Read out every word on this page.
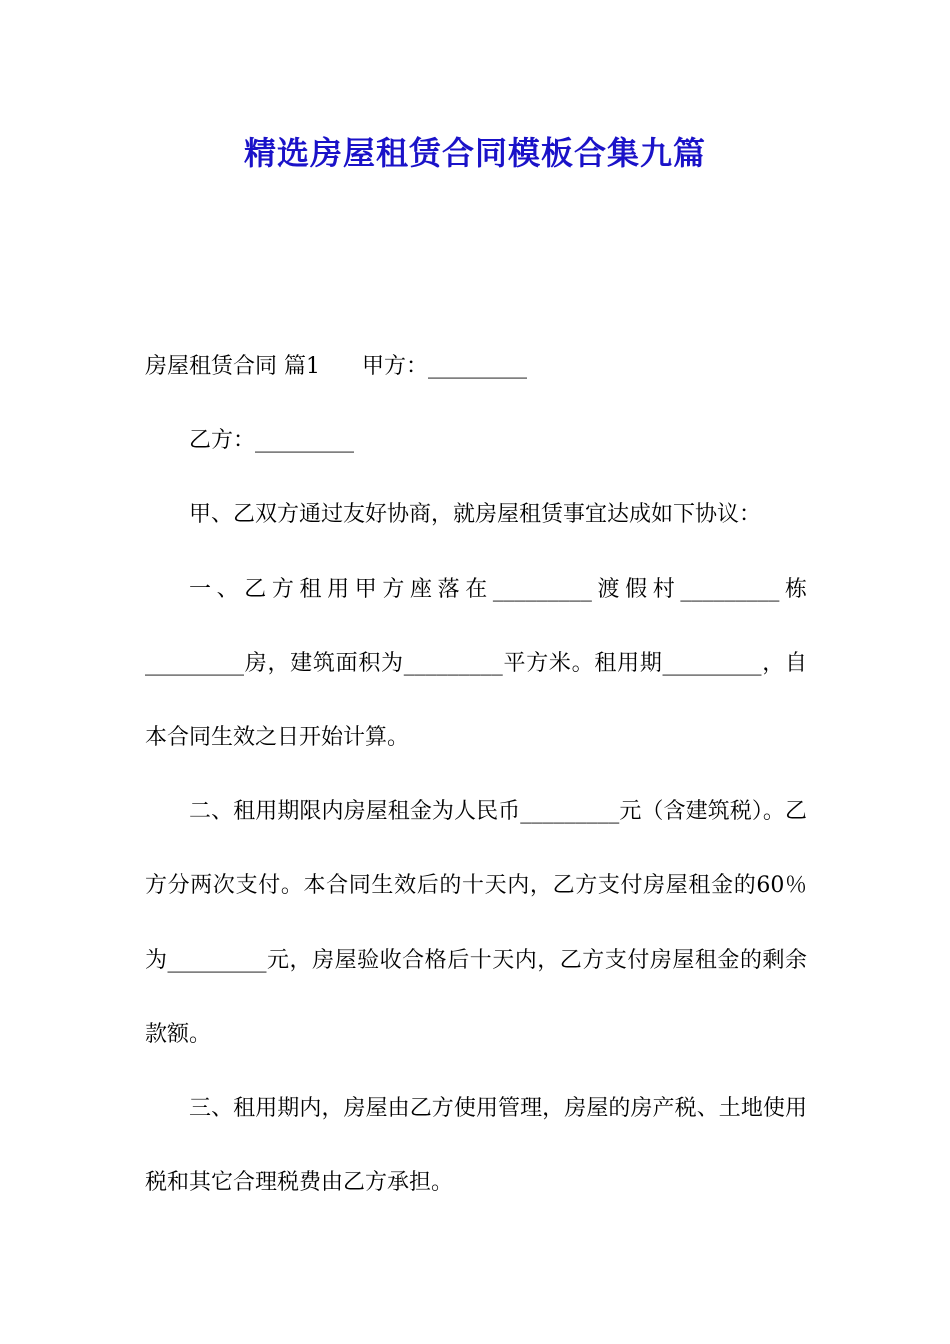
精选房屋租赁合同模板合集九篇

房屋租赁合同 篇1 甲方：_________

乙方：_________

甲、乙双方通过友好协商，就房屋租赁事宜达成如下协议：

一、乙方租用甲方座落在_________渡假村_________栋_________房，建筑面积为_________平方米。租用期_________，自本合同生效之日开始计算。

二、租用期限内房屋租金为人民币_________元（含建筑税）。乙方分两次支付。本合同生效后的十天内，乙方支付房屋租金的60％为_________元，房屋验收合格后十天内，乙方支付房屋租金的剩余款额。

三、租用期内，房屋由乙方使用管理，房屋的房产税、土地使用税和其它合理税费由乙方承担。
